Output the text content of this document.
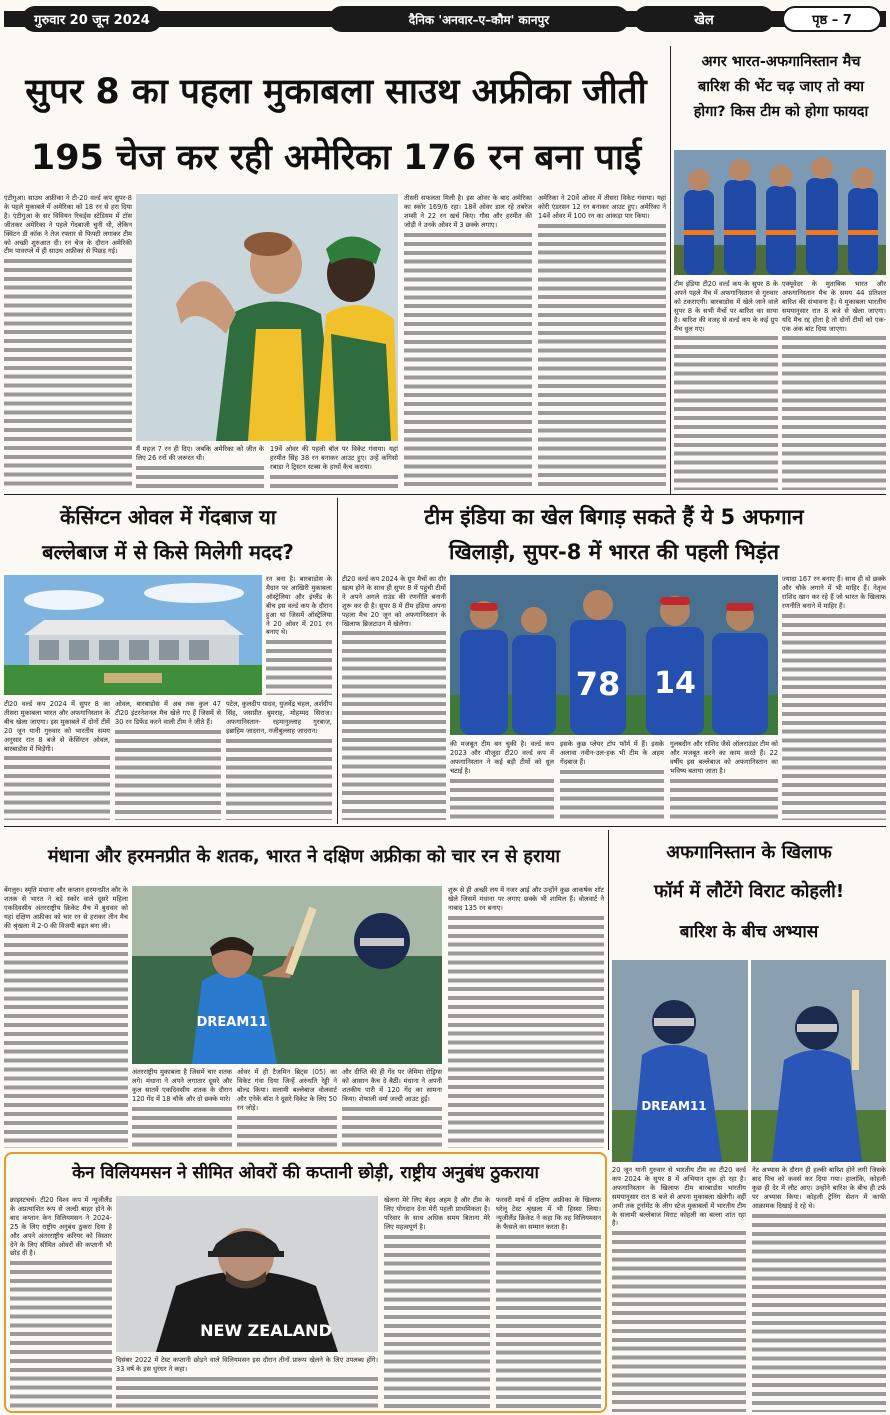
गुरुवार 20 जून 2024	दैनिक 'अनवार–ए–कौम' कानपुर	खेल	पृष्ठ – 7
सुपर 8 का पहला मुकाबला साउथ अफ्रीका जीती
195 चेज कर रही अमेरिका 176 रन बना पाई
एंटीगुआ। साउथ अफ्रीका ने टी-20 वर्ल्ड कप सुपर-8 के पहले मुकाबले में अमेरिका को 18 रन से हरा दिया है। एंटीगुआ के सर विवियन रिचर्ड्स स्टेडियम में टॉस जीतकर अमेरिका ने पहले गेंदबाजी चुनी थी, लेकिन क्विंटन डी कॉक ने तेज रफ्तार से फिफ्टी लगाकर टीम को अच्छी शुरुआत दी। रन चेज के दौरान अमेरिकी टीम पावरप्ले में ही साउथ अफ्रीका से पिछड़ गई।
मैं महज 7 रन ही दिए। जबकि अमेरिका को जीत के लिए 26 रनों की जरूरत थी।
19वें ओवर की पहली बॉल पर विकेट गंवाया। यहां हरमीत सिंह 38 रन बनाकर आउट हुए। उन्हें कगिसो रबाडा ने ट्रिस्टन स्टब्स के हाथों कैच कराया।
तीसरी सफलता मिली है। इस ओवर के बाद अमेरिका का स्कोर 169/6 रहा। 18वें ओवर डाल रहे तबरेज शम्सी ने 22 रन खर्च किए। गौस और हरमीत की जोड़ी ने उनके ओवर में 3 छक्के लगाए।
अमेरिका ने 20वें ओवर में तीसरा विकेट गंवाया। यहां कोरी एंडरसन 12 रन बनाकर आउट हुए। अमेरिका ने 14वें ओवर में 100 रन का आंकड़ा पार किया।
अगर भारत-अफगानिस्तान मैच
बारिश की भेंट चढ़ जाए तो क्या
होगा? किस टीम को होगा फायदा
टीम इंडिया टी20 वर्ल्ड कप के सुपर 8 के अपने पहले मैच में अफगानिस्तान से गुरुवार को टकराएगी। बारबाडोस में खेले जाने वाले सुपर 8 के सभी मैचों पर बारिश का साया है। बारिश की वजह से वर्ल्ड कप के कई ग्रुप मैच धुल गए।
एक्यूवेदर के मुताबिक भारत और अफगानिस्तान मैच के समय 44 प्रतिशत बारिश की संभावना है। ये मुकाबला भारतीय समयानुसार रात 8 बजे से खेला जाएगा। यदि मैच रद्द होता है तो दोनों टीमों को एक-एक अंक बांट दिया जाएगा।
केंसिंग्टन ओवल में गेंदबाज या
बल्लेबाज में से किसे मिलेगी मदद?
रन बना है। बारबाडोस के मैदान पर आखिरी मुकाबला ऑस्ट्रेलिया और इंग्लैंड के बीच इस वर्ल्ड कप के दौरान हुआ था जिसमें ऑस्ट्रेलिया ने 20 ओवर में 201 रन बनाए थे।
टी20 वर्ल्ड कप 2024 में सुपर 8 का तीसरा मुकाबला भारत और अफगानिस्तान के बीच खेला जाएगा। इस मुकाबले में दोनों टीमें 20 जून यानी गुरुवार को भारतीय समय अनुसार रात 8 बजे से केंसिंग्टन ओवल, बारबाडोस में भिड़ेंगी।
ओवल, बारबाडोस में अब तक कुल 47 टी20 इंटरनेशनल मैच खेले गए हैं जिसमें से 30 रन डिफेंड करने वाली टीम ने जीते हैं।
पटेल, कुलदीप यादव, युजवेंद्र चहल, अर्शदीप सिंह, जसप्रीत बुमराह, मोहम्मद सिराज। अफगानिस्तान- रहमानुल्लाह गुरबाज, इब्राहिम जादरान, नजीबुल्लाह जादरान।
टीम इंडिया का खेल बिगाड़ सकते हैं ये 5 अफगान
खिलाड़ी, सुपर-8 में भारत की पहली भिड़ंत
टी20 वर्ल्ड कप 2024 के ग्रुप मैचों का दौर खत्म होने के साथ ही सुपर 8 में पहुंची टीमों ने अपने अगले राउंड की रणनीति बनानी शुरू कर दी है। सुपर 8 में टीम इंडिया अपना पहला मैच 20 जून को अफगानिस्तान के खिलाफ ब्रिजटाउन में खेलेगा।
78 14
ज्यादा 167 रन बनाए हैं। साथ ही वो छक्के और चौके लगाने में भी माहिर हैं। नेतृत्व राशिद खान कर रहे हैं जो भारत के खिलाफ रणनीति बनाने में माहिर हैं।
की मजबूत टीम बन चुकी है। वर्ल्ड कप 2023 और मौजूदा टी20 वर्ल्ड कप में अफगानिस्तान ने कई बड़ी टीमों को धूल चटाई है।
इसके कुछ प्लेयर टॉप फॉर्म में हैं। इसके अलावा नवीन-उल-हक भी टीम के अहम गेंदबाज हैं।
गुलबदीन और राशिद जैसे ऑलराउंडर टीम को और मजबूत करने का काम करते हैं। 22 वर्षीय इस बल्लेबाज को अफगानिस्तान का भविष्य बताया जाता है।
मंधाना और हरमनप्रीत के शतक, भारत ने दक्षिण अफ्रीका को चार रन से हराया
बेंगलुरु। स्मृति मंधाना और कप्तान हरमनप्रीत कौर के शतक से भारत ने बड़े स्कोर वाले दूसरे महिला एकदिवसीय अंतरराष्ट्रीय क्रिकेट मैच में बुधवार को यहां दक्षिण अफ्रीका को चार रन से हराकर तीन मैच की श्रृंखला में 2-0 की विजयी बढ़त बना ली।
DREAM11
अंतरराष्ट्रीय मुकाबला है जिसमें चार शतक लगे। मंधाना ने अपने लगातार दूसरे और कुल सातवें एकदिवसीय शतक के दौरान 120 गेंद में 18 चौके और दो छक्के मारे।
ओवर में ही टैजमिन ब्रिट्स (05) का विकेट गंवा दिया जिन्हें अरुंधति रेड्डी ने बोल्ड किया। सलामी बल्लेबाज वोलवार्ट और एनेके बॉश ने दूसरे विकेट के लिए 50 रन जोड़े।
और दीप्ति की ही गेंद पर जेमिमा रोड्रिग्स को आसान कैच दे बैठीं। मंधाना ने अपनी शतकीय पारी में 120 गेंद का सामना किया। शेफाली वर्मा जल्दी आउट हुईं।
शुरू से ही अच्छी लय में नजर आई और उन्होंने कुछ आकर्षक शॉट खेले जिसमें मंधाना पर लगाए छक्के भी शामिल हैं। वोलवार्ट ने नाबाद 135 रन बनाए।
अफगानिस्तान के खिलाफ
फॉर्म में लौटेंगे विराट कोहली!
बारिश के बीच अभ्यास
DREAM11
20 जून यानी गुरुवार से भारतीय टीम का टी20 वर्ल्ड कप 2024 के सुपर 8 में अभियान शुरू हो रहा है। अफगानिस्तान के खिलाफ टीम बारबाडोस भारतीय समयानुसार रात 8 बजे से अपना मुकाबला खेलेगी। वहीं अभी तक टूर्नामेंट के लीग स्टेज मुकाबलों में भारतीय टीम के सलामी बल्लेबाज विराट कोहली का बल्ला शांत रहा है।
नेट अभ्यास के दौरान ही हल्की बारिश होने लगी जिसके बाद पिच को कवर्स कर दिया गया। हालांकि, कोहली कुछ ही देर में लौट आए। उन्होंने बारिश के बीच ही टर्फ पर अभ्यास किया। कोहली ट्रेनिंग सेशन में काफी आक्रामक दिखाई दे रहे थे।
केन विलियमसन ने सीमित ओवरों की कप्तानी छोड़ी, राष्ट्रीय अनुबंध ठुकराया
क्राइस्टचर्च। टी20 विश्व कप में न्यूजीलैंड के अप्रत्याशित रूप से जल्दी बाहर होने के बाद कप्तान केन विलियमसन ने 2024-25 के लिए राष्ट्रीय अनुबंध ठुकरा दिया है और अपने अंतरराष्ट्रीय करियर को विस्तार देने के लिए सीमित ओवरों की कप्तानी भी छोड़ दी है।
NEW ZEALAND
दिसंबर 2022 में टेस्ट कप्तानी छोड़ने वाले विलियमसन इस दौरान तीनों प्रारूप खेलने के लिए उपलब्ध होंगे। 33 वर्ष के इस धुरंधर ने कहा।
खेलना मेरे लिए बेहद अहम है और टीम के लिए योगदान देना मेरी पहली प्राथमिकता है। परिवार के साथ अधिक समय बिताना मेरे लिए महत्वपूर्ण है।
फरवरी मार्च में दक्षिण अफ्रीका के खिलाफ घरेलू टेस्ट श्रृंखला में भी हिस्सा लिया। न्यूजीलैंड क्रिकेट ने कहा कि वह विलियमसन के फैसले का सम्मान करता है।
